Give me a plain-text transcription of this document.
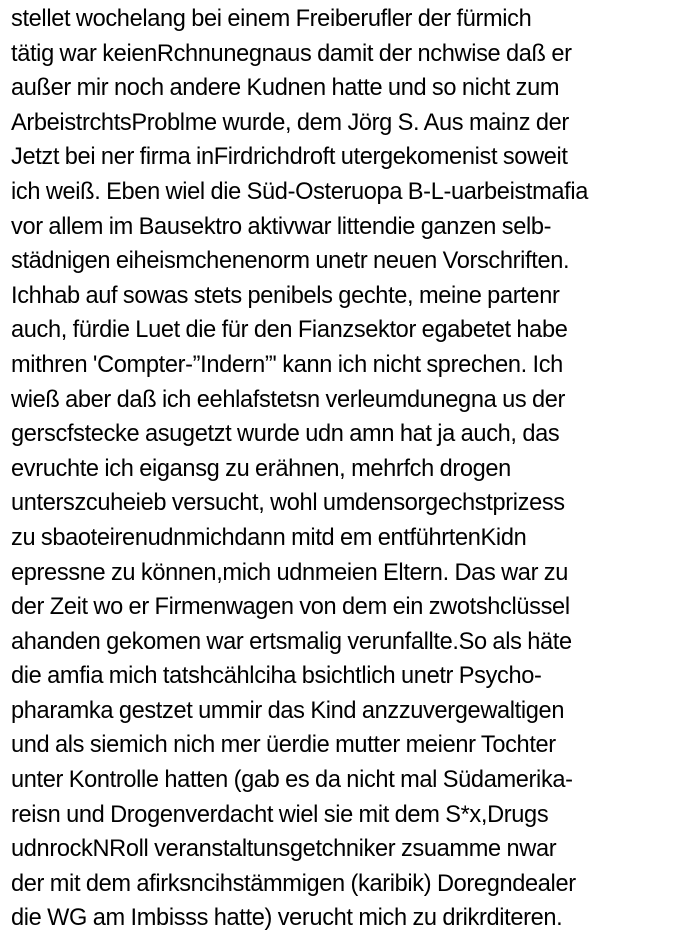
stellet wochelang bei einem Freiberufler der fürmich
tätig war keienRchnunegnaus damit der nchwise daß er
außer mir noch andere Kudnen hatte und so nicht zum
ArbeistrchtsProblme wurde, dem Jörg S. Aus mainz der
Jetzt bei ner firma inFirdrichdroft utergekomenist soweit
ich weiß. Eben wiel die Süd-Osteruopa B-L-uarbeistmafia
vor allem im Bausektro aktivwar littendie ganzen selb-
städnigen eiheismchenenorm unetr neuen Vorschriften.
Ichhab auf sowas stets penibels gechte, meine partenr
auch, fürdie Luet die für den Fianzsektor egabetet habe
mithren 'Compter-”Indern”' kann ich nicht sprechen. Ich
wieß aber daß ich eehlafstetsn verleumdunegna us der
gerscfstecke asugetzt wurde udn amn hat ja auch, das
evruchte ich eigansg zu erähnen, mehrfch drogen
unterszcuheieb versucht, wohl umdensorgechstprizess
zu sbaoteirenudnmichdann mitd em entführtenKidn
epressne zu können,mich udnmeien Eltern. Das war zu
der Zeit wo er Firmenwagen von dem ein zwotshclüssel
ahanden gekomen war ertsmalig verunfallte.So als häte
die amfia mich tatshcählciha bsichtlich unetr Psycho-
pharamka gestzet ummir das Kind anzzuvergewaltigen
und als siemich nich mer üerdie mutter meienr Tochter
unter Kontrolle hatten (gab es da nicht mal Südamerika-
reisn und Drogenverdacht wiel sie mit dem S*x,Drugs
udnrockNRoll veranstaltunsgetchniker zsuamme nwar
der mit dem afirksncihstämmigen (karibik) Doregndealer
die WG am Imbisss hatte) verucht mich zu drikrditeren.
